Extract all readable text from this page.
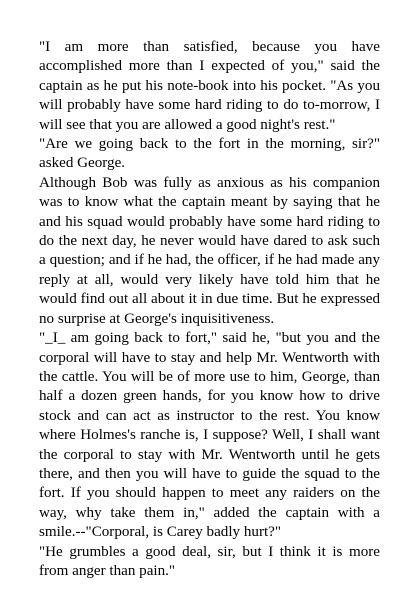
"I am more than satisfied, because you have accomplished more than I expected of you," said the captain as he put his note-book into his pocket. "As you will probably have some hard riding to do to-morrow, I will see that you are allowed a good night's rest."

"Are we going back to the fort in the morning, sir?" asked George.

Although Bob was fully as anxious as his companion was to know what the captain meant by saying that he and his squad would probably have some hard riding to do the next day, he never would have dared to ask such a question; and if he had, the officer, if he had made any reply at all, would very likely have told him that he would find out all about it in due time. But he expressed no surprise at George's inquisitiveness.

"_I_ am going back to fort," said he, "but you and the corporal will have to stay and help Mr. Wentworth with the cattle. You will be of more use to him, George, than half a dozen green hands, for you know how to drive stock and can act as instructor to the rest. You know where Holmes's ranche is, I suppose? Well, I shall want the corporal to stay with Mr. Wentworth until he gets there, and then you will have to guide the squad to the fort. If you should happen to meet any raiders on the way, why take them in," added the captain with a smile.--"Corporal, is Carey badly hurt?"

"He grumbles a good deal, sir, but I think it is more from anger than pain."
